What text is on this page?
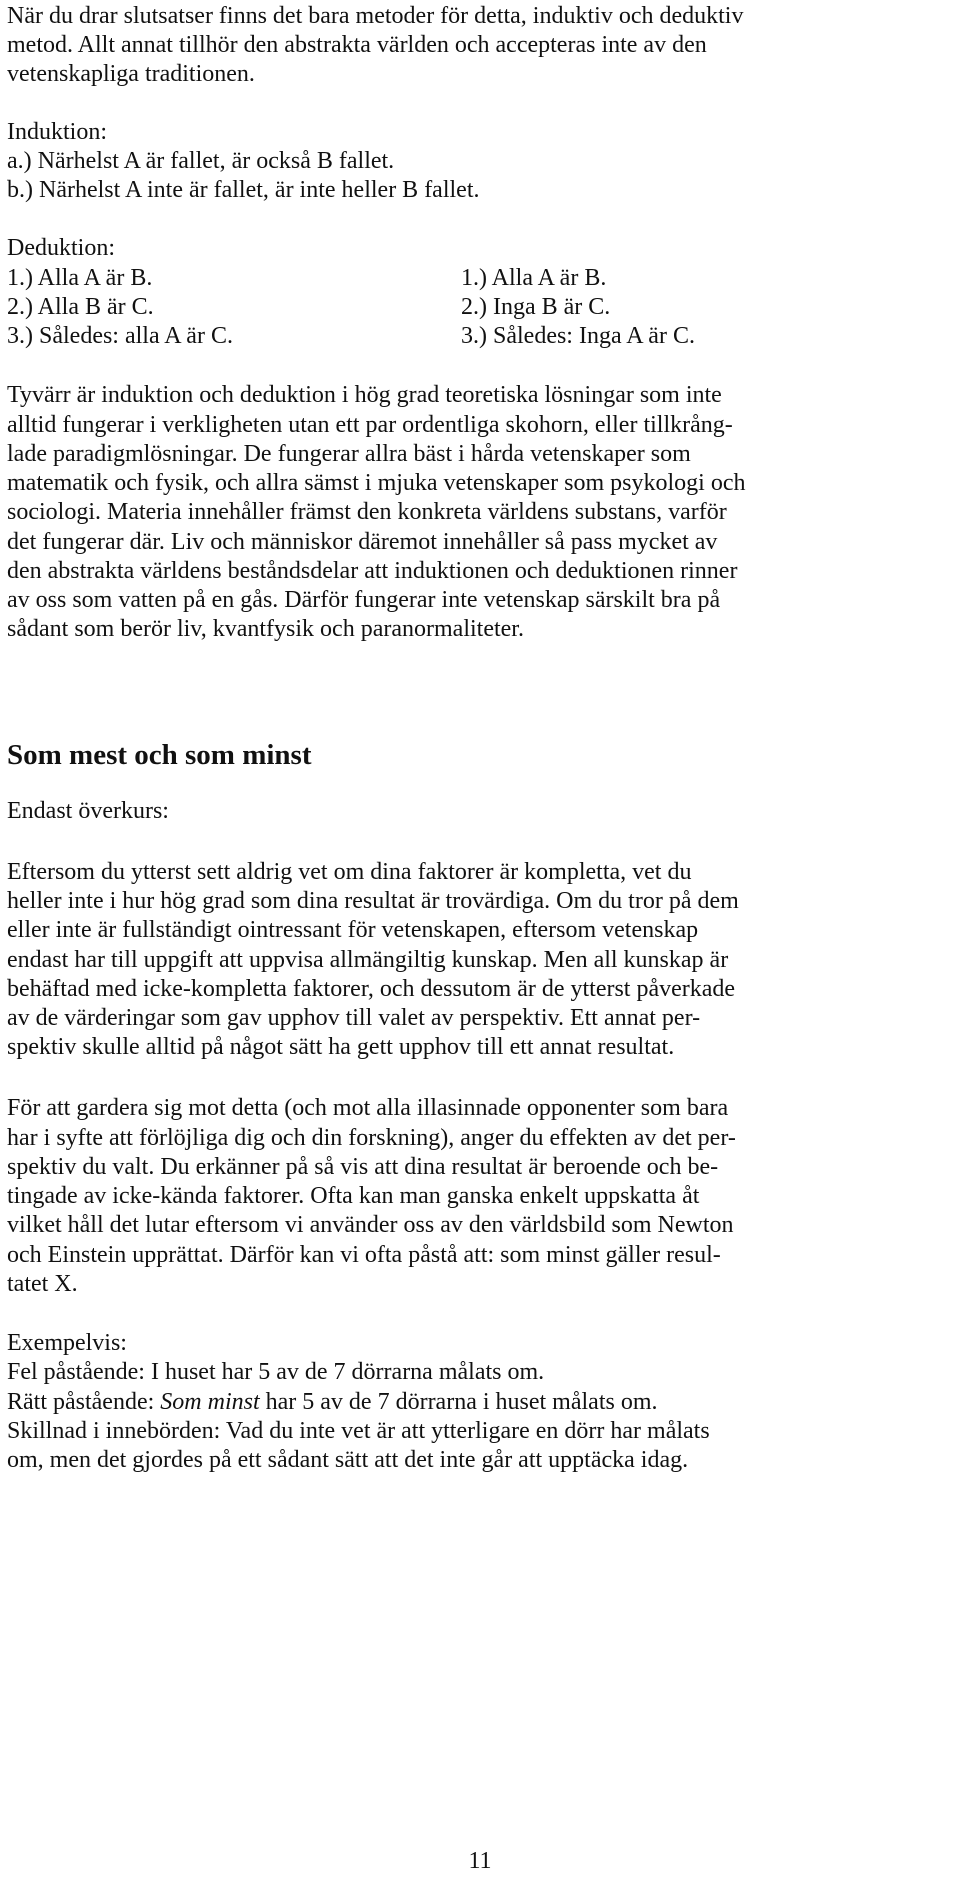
När du drar slutsatser finns det bara metoder för detta, induktiv och deduktiv
metod. Allt annat tillhör den abstrakta världen och accepteras inte av den
vetenskapliga traditionen.
Induktion:
a.) Närhelst A är fallet, är också B fallet.
b.) Närhelst A inte är fallet, är inte heller B fallet.
Deduktion:
1.) Alla A är B.
2.) Alla B är C.
3.) Således: alla A är C.
1.) Alla A är B.
2.) Inga B är C.
3.) Således: Inga A är C.
Tyvärr är induktion och deduktion i hög grad teoretiska lösningar som inte
alltid fungerar i verkligheten utan ett par ordentliga skohorn, eller tillkrång-
lade paradigmlösningar. De fungerar allra bäst i hårda vetenskaper som
matematik och fysik, och allra sämst i mjuka vetenskaper som psykologi och
sociologi. Materia innehåller främst den konkreta världens substans, varför
det fungerar där. Liv och människor däremot innehåller så pass mycket av
den abstrakta världens beståndsdelar att induktionen och deduktionen rinner
av oss som vatten på en gås. Därför fungerar inte vetenskap särskilt bra på
sådant som berör liv, kvantfysik och paranormaliteter.
Som mest och som minst
Endast överkurs:
Eftersom du ytterst sett aldrig vet om dina faktorer är kompletta, vet du
heller inte i hur hög grad som dina resultat är trovärdiga. Om du tror på dem
eller inte är fullständigt ointressant för vetenskapen, eftersom vetenskap
endast har till uppgift att uppvisa allmängiltig kunskap. Men all kunskap är
behäftad med icke-kompletta faktorer, och dessutom är de ytterst påverkade
av de värderingar som gav upphov till valet av perspektiv. Ett annat per-
spektiv skulle alltid på något sätt ha gett upphov till ett annat resultat.
För att gardera sig mot detta (och mot alla illasinnade opponenter som bara
har i syfte att förlöjliga dig och din forskning), anger du effekten av det per-
spektiv du valt. Du erkänner på så vis att dina resultat är beroende och be-
tingade av icke-kända faktorer. Ofta kan man ganska enkelt uppskatta åt
vilket håll det lutar eftersom vi använder oss av den världsbild som Newton
och Einstein upprättat. Därför kan vi ofta påstå att: som minst gäller resul-
tatet X.
Exempelvis:
Fel påstående: I huset har 5 av de 7 dörrarna målats om.
Rätt påstående: Som minst har 5 av de 7 dörrarna i huset målats om.
Skillnad i innebörden: Vad du inte vet är att ytterligare en dörr har målats
om, men det gjordes på ett sådant sätt att det inte går att upptäcka idag.
11
